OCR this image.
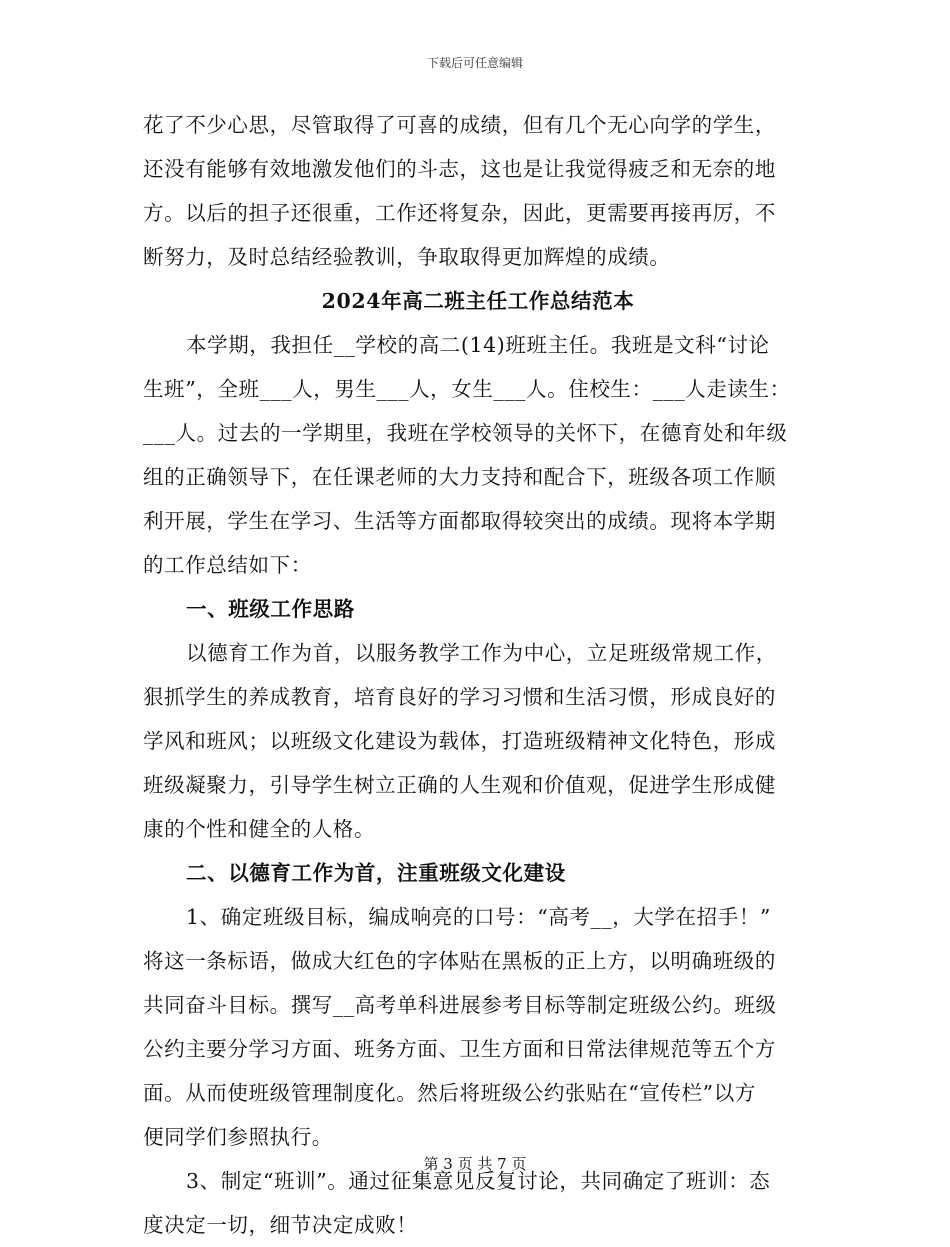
下载后可任意编辑
花了不少心思，尽管取得了可喜的成绩，但有几个无心向学的学生，
还没有能够有效地激发他们的斗志，这也是让我觉得疲乏和无奈的地
方。以后的担子还很重，工作还将复杂，因此，更需要再接再厉，不
断努力，及时总结经验教训，争取取得更加辉煌的成绩。
2024年高二班主任工作总结范本
本学期，我担任__学校的高二(14)班班主任。我班是文科“讨论
生班”，全班___人，男生___人，女生___人。住校生：___人走读生：
___人。过去的一学期里，我班在学校领导的关怀下，在德育处和年级
组的正确领导下，在任课老师的大力支持和配合下，班级各项工作顺
利开展，学生在学习、生活等方面都取得较突出的成绩。现将本学期
的工作总结如下：
一、班级工作思路
以德育工作为首，以服务教学工作为中心，立足班级常规工作，
狠抓学生的养成教育，培育良好的学习习惯和生活习惯，形成良好的
学风和班风；以班级文化建设为载体，打造班级精神文化特色，形成
班级凝聚力，引导学生树立正确的人生观和价值观，促进学生形成健
康的个性和健全的人格。
二、以德育工作为首，注重班级文化建设
1、确定班级目标，编成响亮的口号：“高考__，大学在招手！”
将这一条标语，做成大红色的字体贴在黑板的正上方，以明确班级的
共同奋斗目标。撰写__高考单科进展参考目标等制定班级公约。班级
公约主要分学习方面、班务方面、卫生方面和日常法律规范等五个方
面。从而使班级管理制度化。然后将班级公约张贴在“宣传栏”以方
便同学们参照执行。
3、制定“班训”。通过征集意见反复讨论，共同确定了班训：态
度决定一切，细节决定成败！
第 3 页 共 7 页
